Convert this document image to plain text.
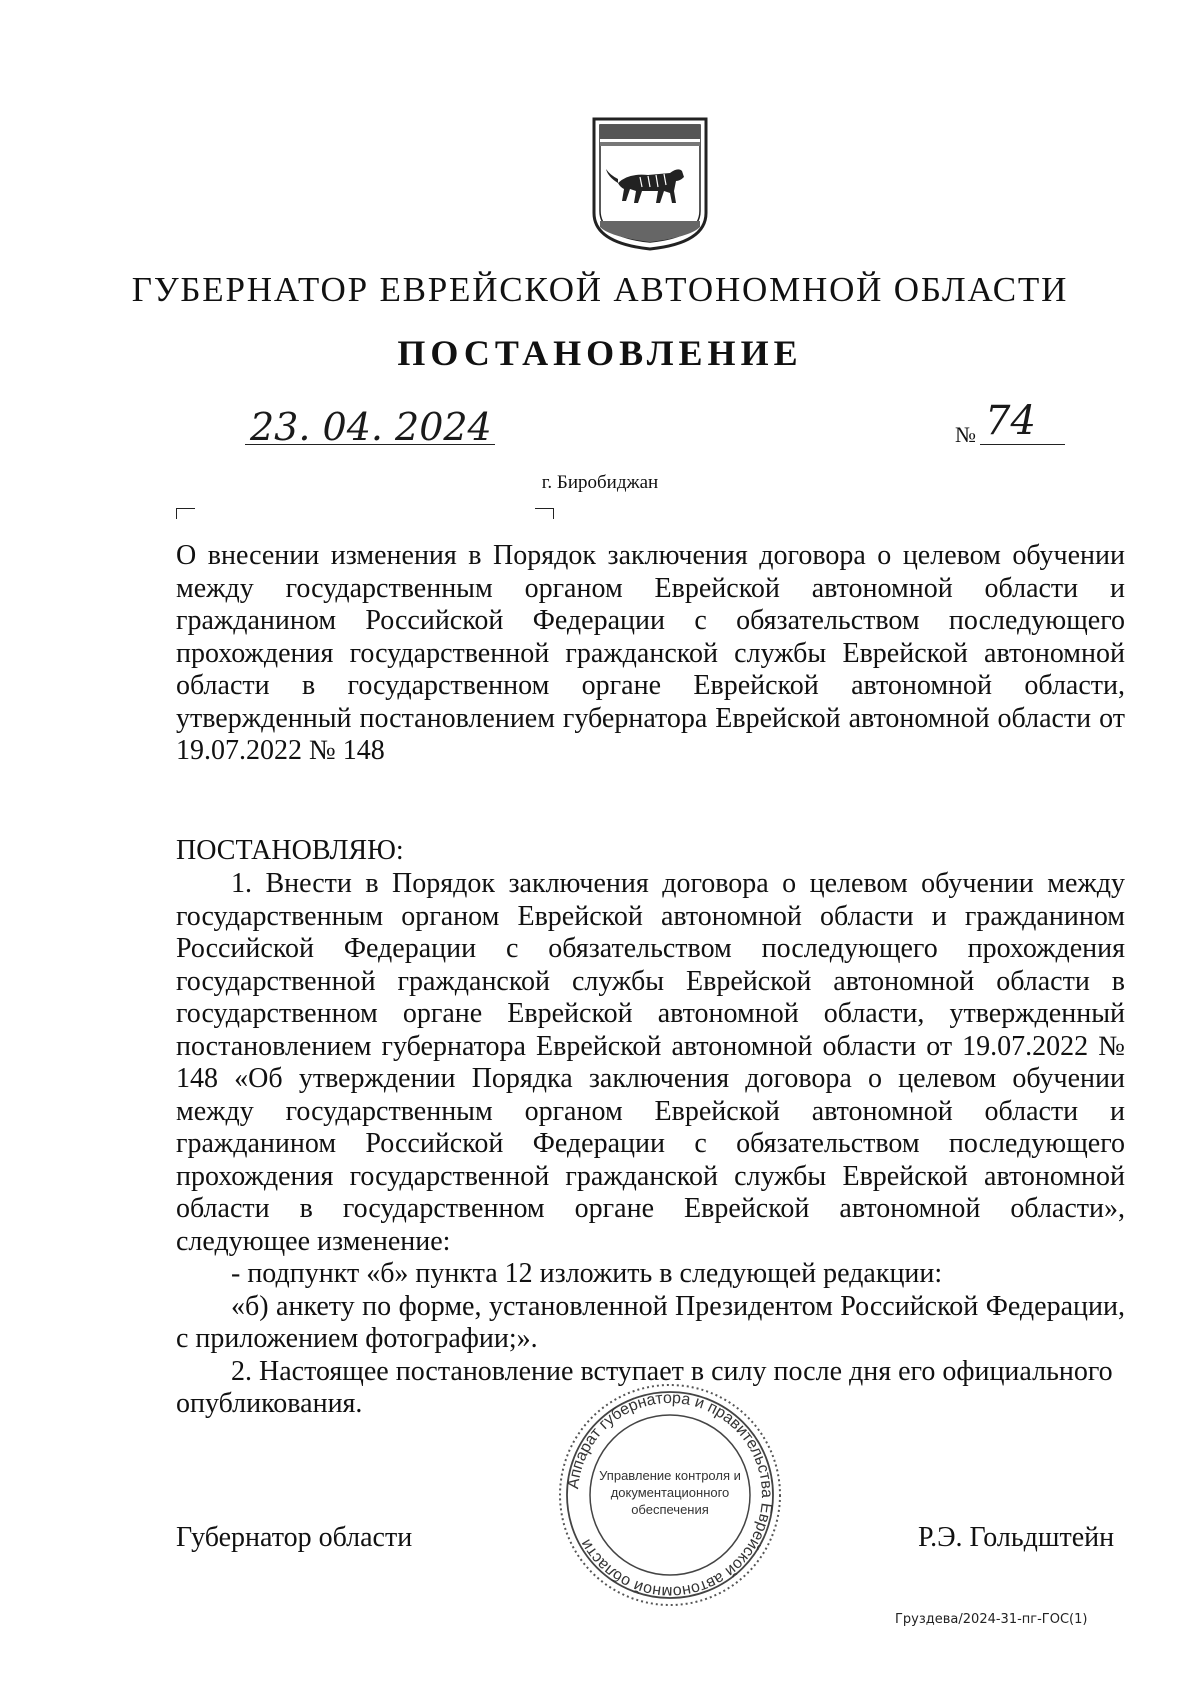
ГУБЕРНАТОР ЕВРЕЙСКОЙ АВТОНОМНОЙ ОБЛАСТИ
ПОСТАНОВЛЕНИЕ
23. 04. 2024	№ 74
г. Биробиджан
О внесении изменения в Порядок заключения договора о целевом обучении между государственным органом Еврейской автономной области и гражданином Российской Федерации с обязательством последующего прохождения государственной гражданской службы Еврейской автономной области в государственном органе Еврейской автономной области, утвержденный постановлением губернатора Еврейской автономной области от 19.07.2022 № 148
ПОСТАНОВЛЯЮ:

1. Внести в Порядок заключения договора о целевом обучении между государственным органом Еврейской автономной области и гражданином Российской Федерации с обязательством последующего прохождения государственной гражданской службы Еврейской автономной области в государственном органе Еврейской автономной области, утвержденный постановлением губернатора Еврейской автономной области от 19.07.2022 № 148 «Об утверждении Порядка заключения договора о целевом обучении между государственным органом Еврейской автономной области и гражданином Российской Федерации с обязательством последующего прохождения государственной гражданской службы Еврейской автономной области в государственном органе Еврейской автономной области», следующее изменение:

- подпункт «б» пункта 12 изложить в следующей редакции:

«б) анкету по форме, установленной Президентом Российской Федерации, с приложением фотографии;».

2. Настоящее постановление вступает в силу после дня его официального опубликования.

Губернатор области	Р.Э. Гольдштейн
Аппарат губернатора и правительства Еврейской автономной области
Управление контроля и
документационного
обеспечения
Груздева/2024-31-пг-ГОС(1)
